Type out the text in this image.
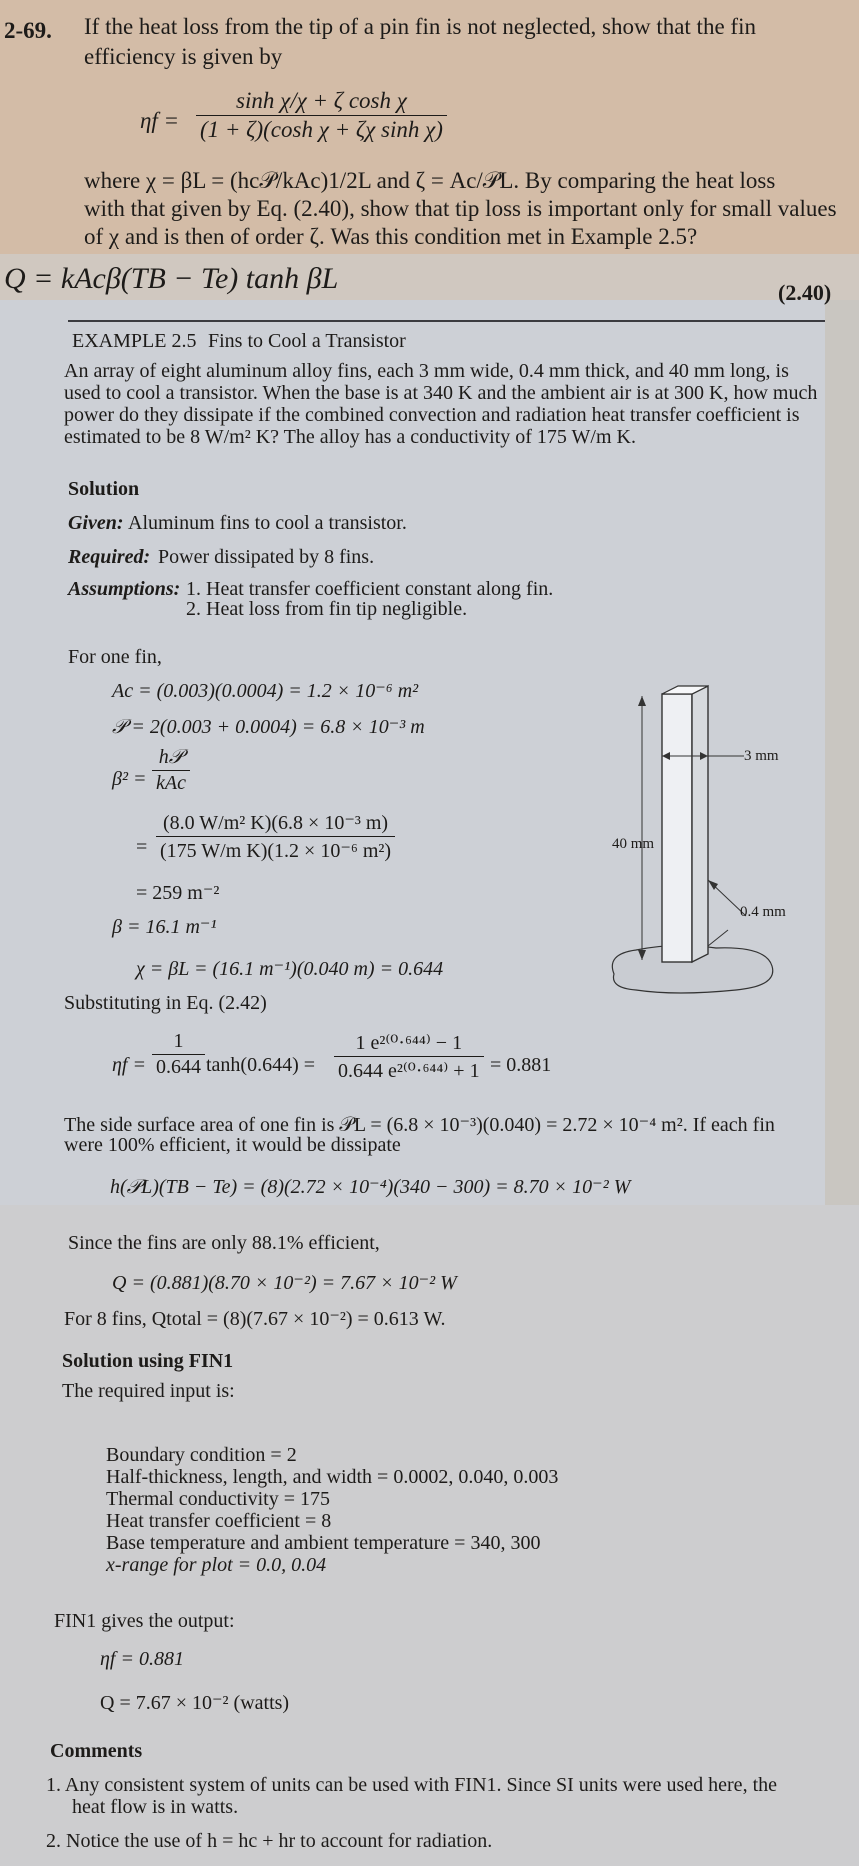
2-69. If the heat loss from the tip of a pin fin is not neglected, show that the fin
efficiency is given by
ηf =
sinh χ/χ + ζ cosh χ
(1 + ζ)(cosh χ + ζχ sinh χ)
where χ = βL = (hc𝒫/kAc)1/2L and ζ = Ac/𝒫L. By comparing the heat loss
with that given by Eq. (2.40), show that tip loss is important only for small values
of χ and is then of order ζ. Was this condition met in Example 2.5?
Q = kAcβ(TB − Te) tanh βL	(2.40)
EXAMPLE 2.5 Fins to Cool a Transistor
An array of eight aluminum alloy fins, each 3 mm wide, 0.4 mm thick, and 40 mm long, is
used to cool a transistor. When the base is at 340 K and the ambient air is at 300 K, how much
power do they dissipate if the combined convection and radiation heat transfer coefficient is
estimated to be 8 W/m² K? The alloy has a conductivity of 175 W/m K.
Solution
Given: Aluminum fins to cool a transistor.
Required: Power dissipated by 8 fins.
Assumptions: 1. Heat transfer coefficient constant along fin.
2. Heat loss from fin tip negligible.
For one fin,
Ac = (0.003)(0.0004) = 1.2 × 10⁻⁶ m²
𝒫 = 2(0.003 + 0.0004) = 6.8 × 10⁻³ m
β² =
h𝒫
kAc
=
(8.0 W/m² K)(6.8 × 10⁻³ m)
(175 W/m K)(1.2 × 10⁻⁶ m²)
= 259 m⁻²
β = 16.1 m⁻¹
χ = βL = (16.1 m⁻¹)(0.040 m) = 0.644
Substituting in Eq. (2.42)
ηf =
1
0.644 tanh(0.644) =
1 e²⁽⁰·⁶⁴⁴⁾ − 1
0.644 e²⁽⁰·⁶⁴⁴⁾ + 1 = 0.881
The side surface area of one fin is 𝒫L = (6.8 × 10⁻³)(0.040) = 2.72 × 10⁻⁴ m². If each fin
were 100% efficient, it would be dissipate
h(𝒫L)(TB − Te) = (8)(2.72 × 10⁻⁴)(340 − 300) = 8.70 × 10⁻² W
3 mm
40 mm
0.4 mm
Since the fins are only 88.1% efficient,
Q = (0.881)(8.70 × 10⁻²) = 7.67 × 10⁻² W
For 8 fins, Qtotal = (8)(7.67 × 10⁻²) = 0.613 W.
Solution using FIN1
The required input is:
Boundary condition = 2
Half-thickness, length, and width = 0.0002, 0.040, 0.003
Thermal conductivity = 175
Heat transfer coefficient = 8
Base temperature and ambient temperature = 340, 300
x-range for plot = 0.0, 0.04
FIN1 gives the output:
ηf = 0.881
Q = 7.67 × 10⁻² (watts)
Comments
1. Any consistent system of units can be used with FIN1. Since SI units were used here, the
heat flow is in watts.
2. Notice the use of h = hc + hr to account for radiation.
